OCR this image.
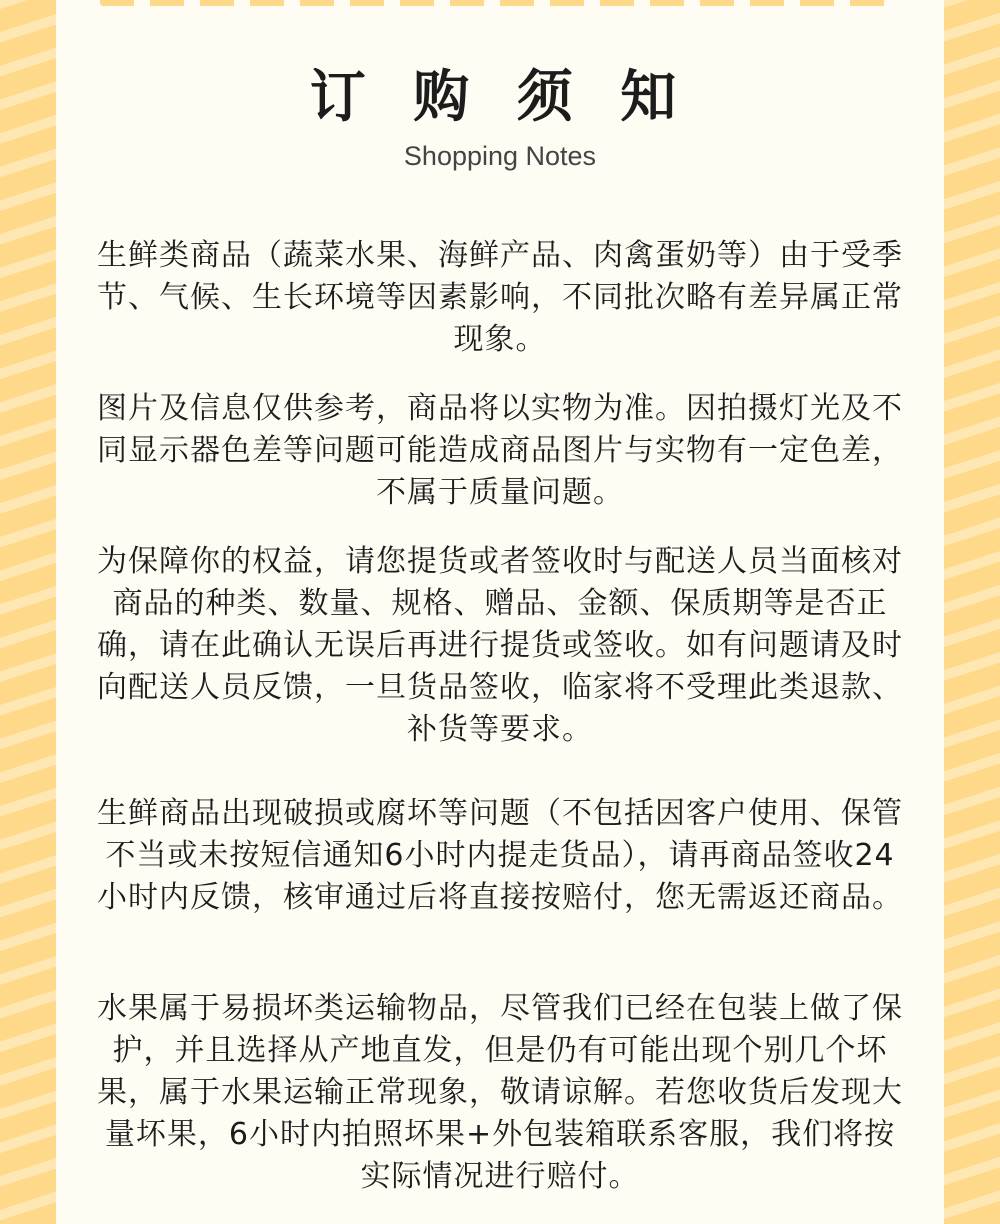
订 购 须 知
Shopping Notes

生鲜类商品（蔬菜水果、海鲜产品、肉禽蛋奶等）由于受季节、气候、生长环境等因素影响，不同批次略有差异属正常现象。

图片及信息仅供参考，商品将以实物为准。因拍摄灯光及不同显示器色差等问题可能造成商品图片与实物有一定色差，不属于质量问题。

为保障你的权益，请您提货或者签收时与配送人员当面核对商品的种类、数量、规格、赠品、金额、保质期等是否正确，请在此确认无误后再进行提货或签收。如有问题请及时向配送人员反馈，一旦货品签收，临家将不受理此类退款、补货等要求。

生鲜商品出现破损或腐坏等问题（不包括因客户使用、保管不当或未按短信通知6小时内提走货品），请再商品签收24小时内反馈，核审通过后将直接按赔付，您无需返还商品。

水果属于易损坏类运输物品，尽管我们已经在包装上做了保护，并且选择从产地直发，但是仍有可能出现个别几个坏果，属于水果运输正常现象，敬请谅解。若您收货后发现大量坏果，6小时内拍照坏果+外包装箱联系客服，我们将按实际情况进行赔付。
